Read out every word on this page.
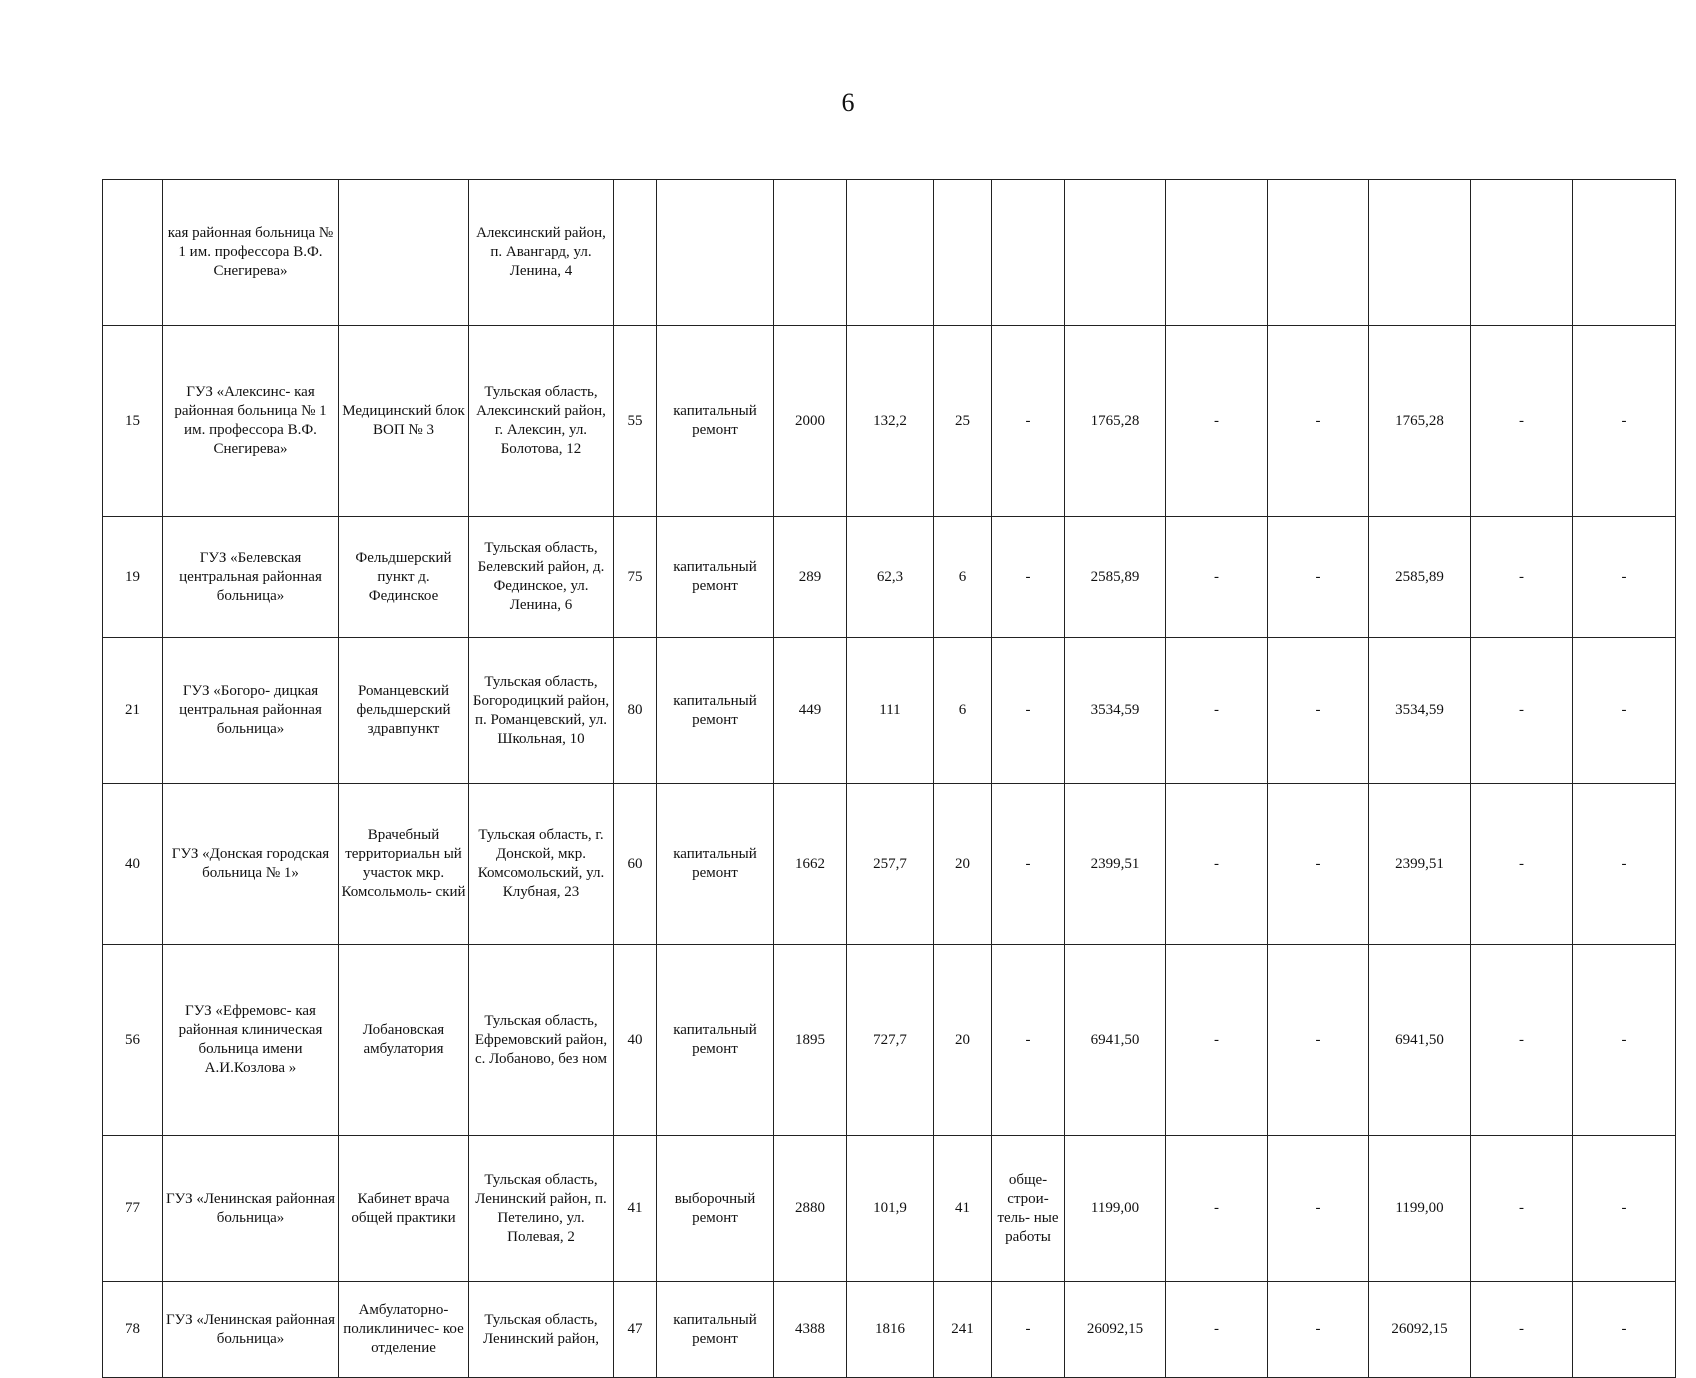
6
	кая районная больница № 1 им. профессора В.Ф. Снегирева»		Алексинский район, п. Авангард, ул. Ленина, 4												
15	ГУЗ «Алексинс- кая районная больница № 1 им. профессора В.Ф. Снегирева»	Медицинский блок ВОП № 3	Тульская область, Алексинский район, г. Алексин, ул. Болотова, 12	55	капитальный ремонт	2000	132,2	25	-	1765,28	-	-	1765,28	-	-
19	ГУЗ «Белевская центральная районная больница»	Фельдшерский пункт д. Фединское	Тульская область, Белевский район, д. Фединское, ул. Ленина, 6	75	капитальный ремонт	289	62,3	6	-	2585,89	-	-	2585,89	-	-
21	ГУЗ «Богоро- дицкая центральная районная больница»	Романцевский фельдшерский здравпункт	Тульская область, Богородицкий район, п. Романцевский, ул. Школьная, 10	80	капитальный ремонт	449	111	6	-	3534,59	-	-	3534,59	-	-
40	ГУЗ «Донская городская больница № 1»	Врачебный территориальн ый участок мкр. Комсольмоль- ский	Тульская область, г. Донской, мкр. Комсомольский, ул. Клубная, 23	60	капитальный ремонт	1662	257,7	20	-	2399,51	-	-	2399,51	-	-
56	ГУЗ «Ефремовс- кая районная клиническая больница имени А.И.Козлова »	Лобановская амбулатория	Тульская область, Ефремовский район, с. Лобаново, без ном	40	капитальный ремонт	1895	727,7	20	-	6941,50	-	-	6941,50	-	-
77	ГУЗ «Ленинская районная больница»	Кабинет врача общей практики	Тульская область, Ленинский район, п. Петелино, ул. Полевая, 2	41	выборочный ремонт	2880	101,9	41	обще- строи- тель- ные работы	1199,00	-	-	1199,00	-	-
78	ГУЗ «Ленинская районная больница»	Амбулаторно- поликлиничес- кое отделение	Тульская область, Ленинский район,	47	капитальный ремонт	4388	1816	241	-	26092,15	-	-	26092,15	-	-
